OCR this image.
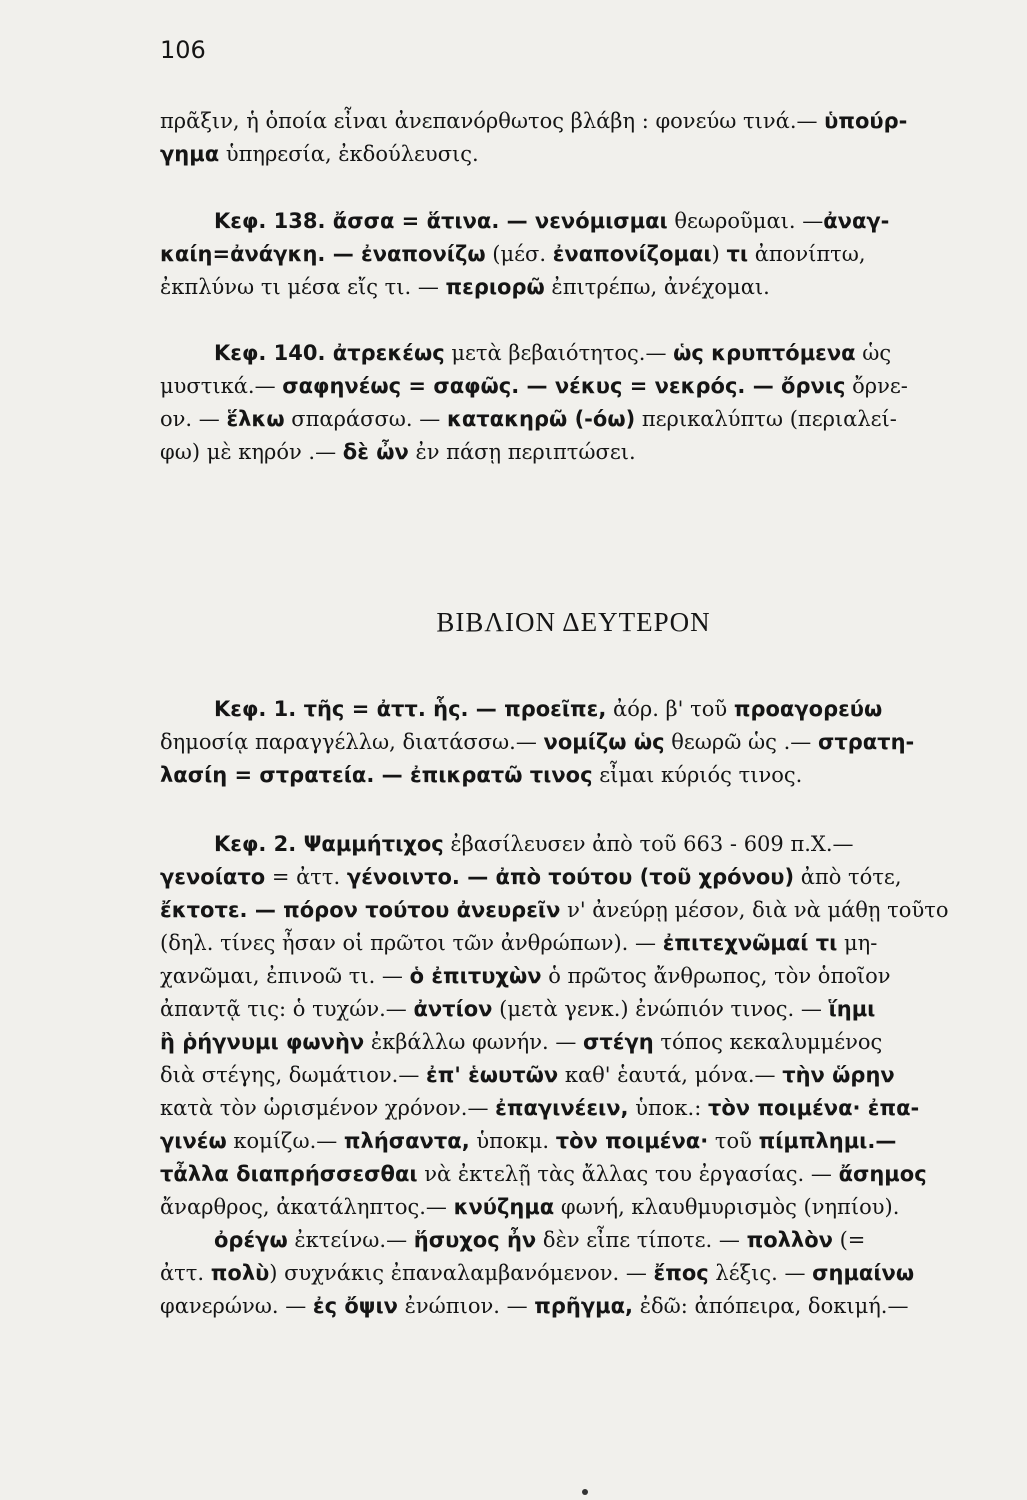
106
πρᾶξιν, ἡ ὁποία εἶναι ἀνεπανόρθωτος βλάβη : φονεύω τινά.— ὑπούρ-
γημα ὑπηρεσία, ἐκδούλευσις.
Κεφ. 138. ἄσσα = ἅτινα. — νενόμισμαι θεωροῦμαι. —ἀναγ-
καίη=ἀνάγκη. — ἐναπονίζω (μέσ. ἐναπονίζομαι) τι ἀπονίπτω,
ἐκπλύνω τι μέσα εἴς τι. — περιορῶ ἐπιτρέπω, ἀνέχομαι.
Κεφ. 140. ἀτρεκέως μετὰ βεβαιότητος.— ὡς κρυπτόμενα ὡς
μυστικά.— σαφηνέως = σαφῶς. — νέκυς = νεκρός. — ὄρνις ὄρνε-
ον. — ἕλκω σπαράσσω. — κατακηρῶ (-όω) περικαλύπτω (περιαλεί-
φω) μὲ κηρόν .— δὲ ὦν ἐν πάσῃ περιπτώσει.
ΒΙΒΛΙΟΝ ΔΕΥΤΕΡΟΝ
Κεφ. 1. τῆς = ἀττ. ἧς. — προεῖπε, ἀόρ. β' τοῦ προαγορεύω
δημοσίᾳ παραγγέλλω, διατάσσω.— νομίζω ὡς θεωρῶ ὡς .— στρατη-
λασίη = στρατεία. — ἐπικρατῶ τινος εἶμαι κύριός τινος.
Κεφ. 2. Ψαμμήτιχος ἐβασίλευσεν ἀπὸ τοῦ 663 - 609 π.Χ.—
γενοίατο = ἀττ. γένοιντο. — ἀπὸ τούτου (τοῦ χρόνου) ἀπὸ τότε,
ἔκτοτε. — πόρον τούτου ἀνευρεῖν ν' ἀνεύρῃ μέσον, διὰ νὰ μάθῃ τοῦτο
(δηλ. τίνες ἦσαν οἱ πρῶτοι τῶν ἀνθρώπων). — ἐπιτεχνῶμαί τι μη-
χανῶμαι, ἐπινοῶ τι. — ὁ ἐπιτυχὼν ὁ πρῶτος ἄνθρωπος, τὸν ὁποῖον
ἀπαντᾷ τις: ὁ τυχών.— ἀντίον (μετὰ γενκ.) ἐνώπιόν τινος. — ἵημι
ἢ ῥήγνυμι φωνὴν ἐκβάλλω φωνήν. — στέγη τόπος κεκαλυμμένος
διὰ στέγης, δωμάτιον.— ἐπ' ἑωυτῶν καθ' ἑαυτά, μόνα.— τὴν ὥρην
κατὰ τὸν ὡρισμένον χρόνον.— ἐπαγινέειν, ὑποκ.: τὸν ποιμένα· ἐπα-
γινέω κομίζω.— πλήσαντα, ὑποκμ. τὸν ποιμένα· τοῦ πίμπλημι.—
τἆλλα διαπρήσσεσθαι νὰ ἐκτελῇ τὰς ἄλλας του ἐργασίας. — ἄσημος
ἄναρθρος, ἀκατάληπτος.— κνύζημα φωνή, κλαυθμυρισμὸς (νηπίου).
ὀρέγω ἐκτείνω.— ἥσυχος ἦν δὲν εἶπε τίποτε. — πολλὸν (=
ἀττ. πολὺ) συχνάκις ἐπαναλαμβανόμενον. — ἔπος λέξις. — σημαίνω
φανερώνω. — ἐς ὄψιν ἐνώπιον. — πρῆγμα, ἐδῶ: ἀπόπειρα, δοκιμή.—
